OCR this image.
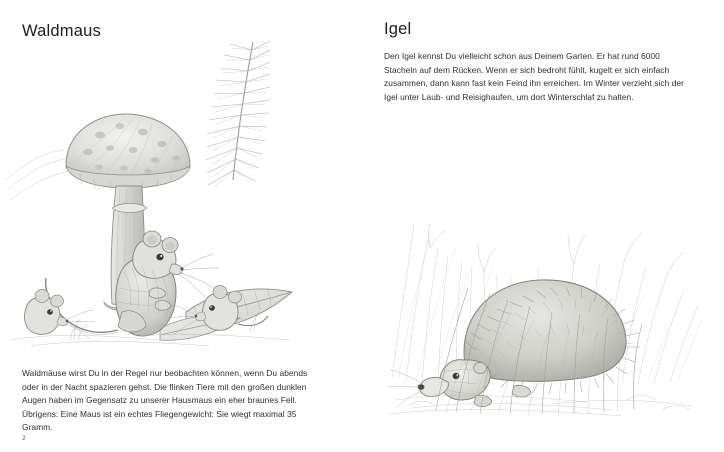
Waldmaus

Waldmäuse wirst Du in der Regel nur beobachten können, wenn Du abends oder in der Nacht spazieren gehst. Die flinken Tiere mit den großen dunklen Augen haben im Gegensatz zu unserer Hausmaus ein eher braunes Fell. Übrigens: Eine Maus ist ein echtes Fliegengewicht: Sie wiegt maximal 35 Gramm.

2
Igel

Den Igel kennst Du vielleicht schon aus Deinem Garten. Er hat rund 6000 Stacheln auf dem Rücken. Wenn er sich bedroht fühlt, kugelt er sich einfach zusammen, dann kann fast kein Feind ihn erreichen. Im Winter verzieht sich der Igel unter Laub- und Reisighaufen, um dort Winterschlaf zu halten.
